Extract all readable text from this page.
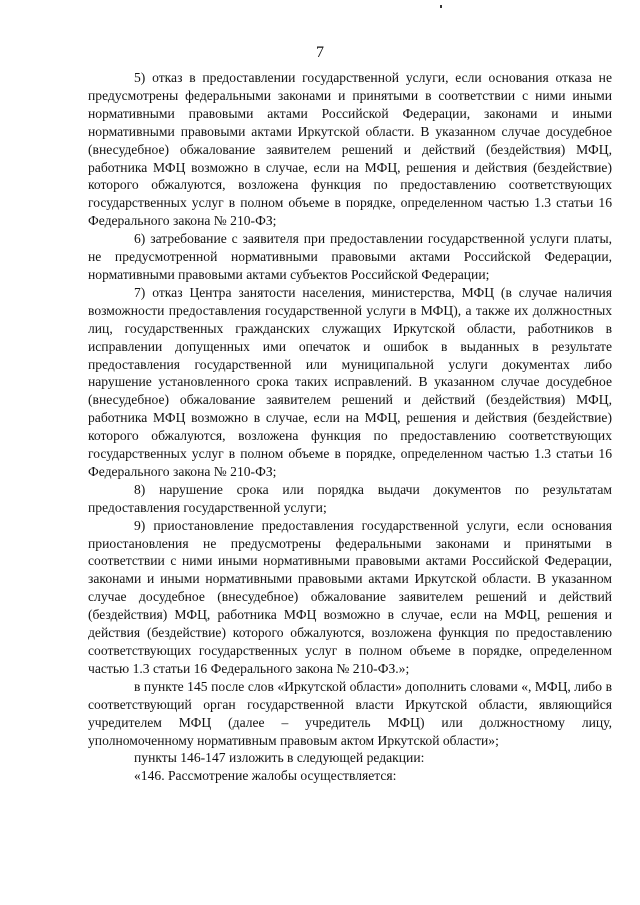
7

5) отказ в предоставлении государственной услуги, если основания отказа не предусмотрены федеральными законами и принятыми в соответствии с ними иными нормативными правовыми актами Российской Федерации, законами и иными нормативными правовыми актами Иркутской области. В указанном случае досудебное (внесудебное) обжалование заявителем решений и действий (бездействия) МФЦ, работника МФЦ возможно в случае, если на МФЦ, решения и действия (бездействие) которого обжалуются, возложена функция по предоставлению соответствующих государственных услуг в полном объеме в порядке, определенном частью 1.3 статьи 16 Федерального закона № 210-ФЗ;

6) затребование с заявителя при предоставлении государственной услуги платы, не предусмотренной нормативными правовыми актами Российской Федерации, нормативными правовыми актами субъектов Российской Федерации;

7) отказ Центра занятости населения, министерства, МФЦ (в случае наличия возможности предоставления государственной услуги в МФЦ), а также их должностных лиц, государственных гражданских служащих Иркутской области, работников в исправлении допущенных ими опечаток и ошибок в выданных в результате предоставления государственной или муниципальной услуги документах либо нарушение установленного срока таких исправлений. В указанном случае досудебное (внесудебное) обжалование заявителем решений и действий (бездействия) МФЦ, работника МФЦ возможно в случае, если на МФЦ, решения и действия (бездействие) которого обжалуются, возложена функция по предоставлению соответствующих государственных услуг в полном объеме в порядке, определенном частью 1.3 статьи 16 Федерального закона № 210-ФЗ;

8) нарушение срока или порядка выдачи документов по результатам предоставления государственной услуги;

9) приостановление предоставления государственной услуги, если основания приостановления не предусмотрены федеральными законами и принятыми в соответствии с ними иными нормативными правовыми актами Российской Федерации, законами и иными нормативными правовыми актами Иркутской области. В указанном случае досудебное (внесудебное) обжалование заявителем решений и действий (бездействия) МФЦ, работника МФЦ возможно в случае, если на МФЦ, решения и действия (бездействие) которого обжалуются, возложена функция по предоставлению соответствующих государственных услуг в полном объеме в порядке, определенном частью 1.3 статьи 16 Федерального закона № 210-ФЗ.»;

в пункте 145 после слов «Иркутской области» дополнить словами «, МФЦ, либо в соответствующий орган государственной власти Иркутской области, являющийся учредителем МФЦ (далее – учредитель МФЦ) или должностному лицу, уполномоченному нормативным правовым актом Иркутской области»;

пункты 146-147 изложить в следующей редакции:

«146. Рассмотрение жалобы осуществляется:
